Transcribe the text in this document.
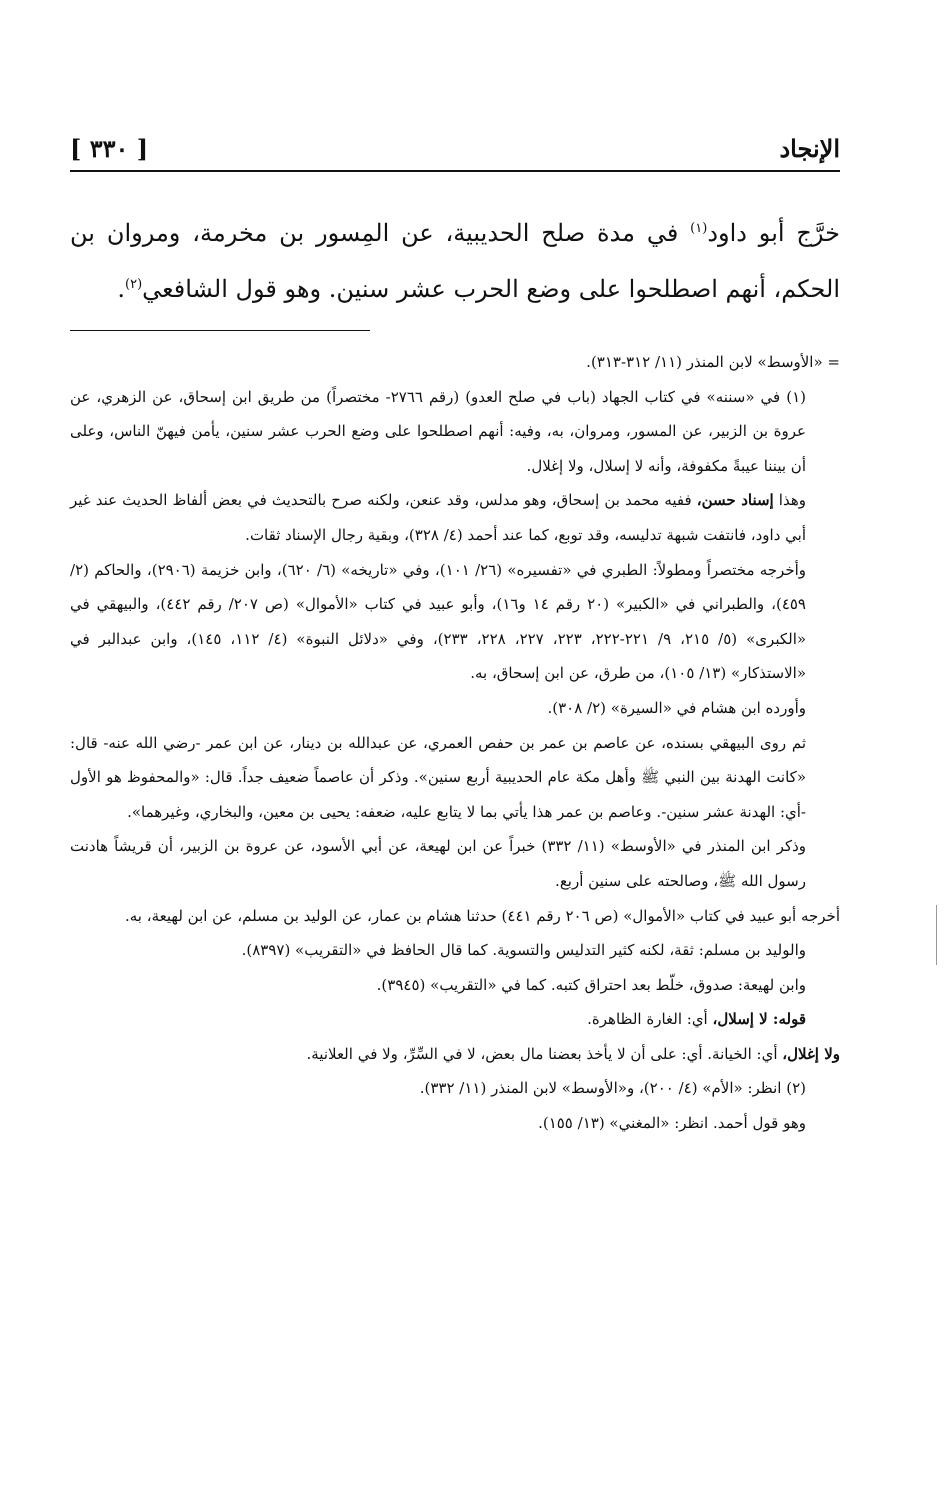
الإنجاد
[ ٣٣٠ ]

خرَّج أبو داود$^{(١)}$ في مدة صلح الحديبية، عن المِسور بن مخرمة، ومروان بن الحكم، أنهم اصطلحوا على وضع الحرب عشر سنين. وهو قول الشافعي$^{(٢)}$.

= «الأوسط» لابن المنذر (١١/ ٣١٢-٣١٣).

(١) في «سننه» في كتاب الجهاد (باب في صلح العدو) (رقم ٢٧٦٦- مختصراً) من طريق ابن إسحاق، عن الزهري، عن عروة بن الزبير، عن المسور، ومروان، به، وفيه: أنهم اصطلحوا على وضع الحرب عشر سنين، يأمن فيهنّ الناس، وعلى أن بيننا عيبةً مكفوفة، وأنه لا إسلال، ولا إغلال.

وهذا إسناد حسن، ففيه محمد بن إسحاق، وهو مدلس، وقد عنعن، ولكنه صرح بالتحديث في بعض ألفاظ الحديث عند غير أبي داود، فانتفت شبهة تدليسه، وقد توبع، كما عند أحمد (٤/ ٣٢٨)، وبقية رجال الإسناد ثقات.

وأخرجه مختصراً ومطولاً: الطبري في «تفسيره» (٢٦/ ١٠١)، وفي «تاريخه» (٦/ ٦٢٠)، وابن خزيمة (٢٩٠٦)، والحاكم (٢/ ٤٥٩)، والطبراني في «الكبير» (٢٠ رقم ١٤ و١٦)، وأبو عبيد في كتاب «الأموال» (ص ٢٠٧/ رقم ٤٤٢)، والبيهقي في «الكبرى» (٥/ ٢١٥، ٩/ ٢٢١-٢٢٢، ٢٢٣، ٢٢٧، ٢٢٨، ٢٣٣)، وفي «دلائل النبوة» (٤/ ١١٢، ١٤٥)، وابن عبدالبر في «الاستذكار» (١٣/ ١٠٥)، من طرق، عن ابن إسحاق، به.

وأورده ابن هشام في «السيرة» (٢/ ٣٠٨).

ثم روى البيهقي بسنده، عن عاصم بن عمر بن حفص العمري، عن عبدالله بن دينار، عن ابن عمر -رضي الله عنه- قال: «كانت الهدنة بين النبي ﷺ وأهل مكة عام الحديبية أربع سنين». وذكر أن عاصماً ضعيف جداً. قال: «والمحفوظ هو الأول -أي: الهدنة عشر سنين-. وعاصم بن عمر هذا يأتي بما لا يتابع عليه، ضعفه: يحيى بن معين، والبخاري، وغيرهما».

وذكر ابن المنذر في «الأوسط» (١١/ ٣٣٢) خبراً عن ابن لهيعة، عن أبي الأسود، عن عروة بن الزبير، أن قريشاً هادنت رسول الله ﷺ، وصالحته على سنين أربع.

أخرجه أبو عبيد في كتاب «الأموال» (ص ٢٠٦ رقم ٤٤١) حدثنا هشام بن عمار، عن الوليد بن مسلم، عن ابن لهيعة، به.

والوليد بن مسلم: ثقة، لكنه كثير التدليس والتسوية. كما قال الحافظ في «التقريب» (٨٣٩٧).

وابن لهيعة: صدوق، خلّط بعد احتراق كتبه. كما في «التقريب» (٣٩٤٥).

قوله: لا إسلال، أي: الغارة الظاهرة.

ولا إغلال، أي: الخيانة. أي: على أن لا يأخذ بعضنا مال بعض، لا في السِّرِّ، ولا في العلانية.

(٢) انظر: «الأم» (٤/ ٢٠٠)، و«الأوسط» لابن المنذر (١١/ ٣٣٢).

وهو قول أحمد. انظر: «المغني» (١٣/ ١٥٥).
